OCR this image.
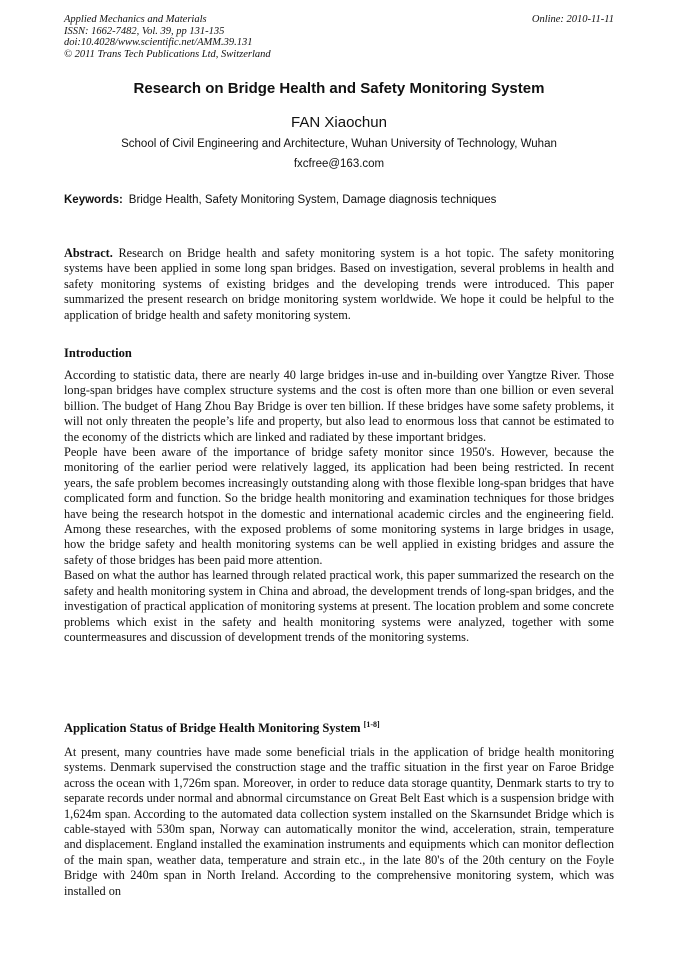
Applied Mechanics and Materials
ISSN: 1662-7482, Vol. 39, pp 131-135
doi:10.4028/www.scientific.net/AMM.39.131
© 2011 Trans Tech Publications Ltd, Switzerland
Online: 2010-11-11
Research on Bridge Health and Safety Monitoring System
FAN Xiaochun
School of Civil Engineering and Architecture, Wuhan University of Technology, Wuhan
fxcfree@163.com
Keywords: Bridge Health, Safety Monitoring System, Damage diagnosis techniques

Abstract. Research on Bridge health and safety monitoring system is a hot topic. The safety monitoring systems have been applied in some long span bridges. Based on investigation, several problems in health and safety monitoring systems of existing bridges and the developing trends were introduced. This paper summarized the present research on bridge monitoring system worldwide. We hope it could be helpful to the application of bridge health and safety monitoring system.

Introduction

According to statistic data, there are nearly 40 large bridges in-use and in-building over Yangtze River. Those long-span bridges have complex structure systems and the cost is often more than one billion or even several billion. The budget of Hang Zhou Bay Bridge is over ten billion. If these bridges have some safety problems, it will not only threaten the people’s life and property, but also lead to enormous loss that cannot be estimated to the economy of the districts which are linked and radiated by these important bridges.

People have been aware of the importance of bridge safety monitor since 1950's. However, because the monitoring of the earlier period were relatively lagged, its application had been being restricted. In recent years, the safe problem becomes increasingly outstanding along with those flexible long-span bridges that have complicated form and function. So the bridge health monitoring and examination techniques for those bridges have being the research hotspot in the domestic and international academic circles and the engineering field. Among these researches, with the exposed problems of some monitoring systems in large bridges in usage, how the bridge safety and health monitoring systems can be well applied in existing bridges and assure the safety of those bridges has been paid more attention.

Based on what the author has learned through related practical work, this paper summarized the research on the safety and health monitoring system in China and abroad, the development trends of long-span bridges, and the investigation of practical application of monitoring systems at present. The location problem and some concrete problems which exist in the safety and health monitoring systems were analyzed, together with some countermeasures and discussion of development trends of the monitoring systems.

Application Status of Bridge Health Monitoring System [1-8]

At present, many countries have made some beneficial trials in the application of bridge health monitoring systems. Denmark supervised the construction stage and the traffic situation in the first year on Faroe Bridge across the ocean with 1,726m span. Moreover, in order to reduce data storage quantity, Denmark starts to try to separate records under normal and abnormal circumstance on Great Belt East which is a suspension bridge with 1,624m span. According to the automated data collection system installed on the Skarnsundet Bridge which is cable-stayed with 530m span, Norway can automatically monitor the wind, acceleration, strain, temperature and displacement. England installed the examination instruments and equipments which can monitor deflection of the main span, weather data, temperature and strain etc., in the late 80's of the 20th century on the Foyle Bridge with 240m span in North Ireland. According to the comprehensive monitoring system, which was installed on
